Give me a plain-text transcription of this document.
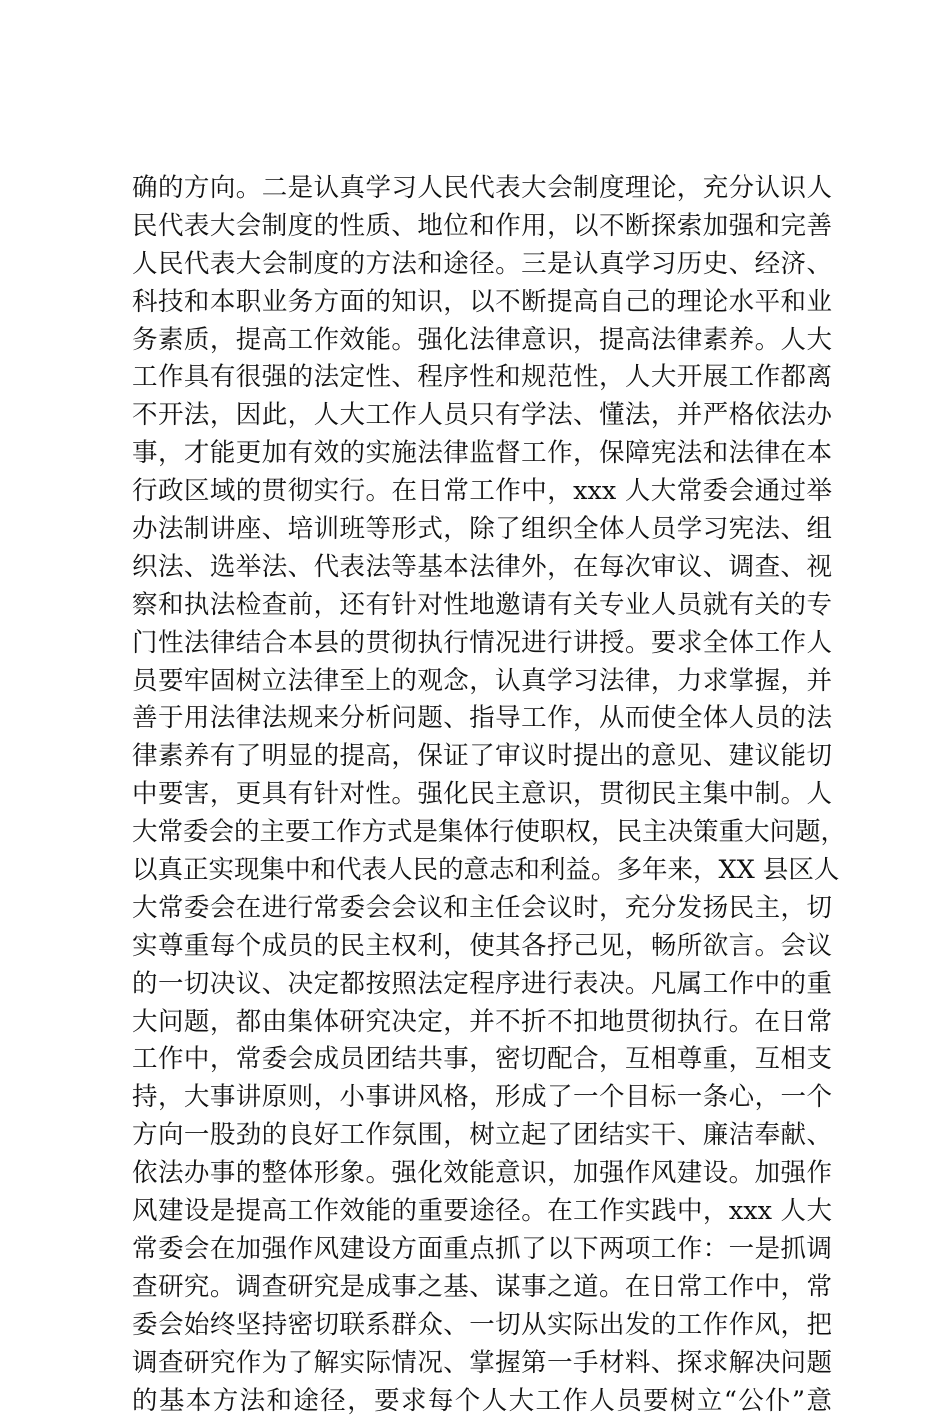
确的方向。二是认真学习人民代表大会制度理论，充分认识人
民代表大会制度的性质、地位和作用，以不断探索加强和完善
人民代表大会制度的方法和途径。三是认真学习历史、经济、
科技和本职业务方面的知识，以不断提高自己的理论水平和业
务素质，提高工作效能。强化法律意识，提高法律素养。人大
工作具有很强的法定性、程序性和规范性，人大开展工作都离
不开法，因此，人大工作人员只有学法、懂法，并严格依法办
事，才能更加有效的实施法律监督工作，保障宪法和法律在本
行政区域的贯彻实行。在日常工作中，xxx 人大常委会通过举
办法制讲座、培训班等形式，除了组织全体人员学习宪法、组
织法、选举法、代表法等基本法律外，在每次审议、调查、视
察和执法检查前，还有针对性地邀请有关专业人员就有关的专
门性法律结合本县的贯彻执行情况进行讲授。要求全体工作人
员要牢固树立法律至上的观念，认真学习法律，力求掌握，并
善于用法律法规来分析问题、指导工作，从而使全体人员的法
律素养有了明显的提高，保证了审议时提出的意见、建议能切
中要害，更具有针对性。强化民主意识，贯彻民主集中制。人
大常委会的主要工作方式是集体行使职权，民主决策重大问题，
以真正实现集中和代表人民的意志和利益。多年来，XX 县区人
大常委会在进行常委会会议和主任会议时，充分发扬民主，切
实尊重每个成员的民主权利，使其各抒己见，畅所欲言。会议
的一切决议、决定都按照法定程序进行表决。凡属工作中的重
大问题，都由集体研究决定，并不折不扣地贯彻执行。在日常
工作中，常委会成员团结共事，密切配合，互相尊重，互相支
持，大事讲原则，小事讲风格，形成了一个目标一条心，一个
方向一股劲的良好工作氛围，树立起了团结实干、廉洁奉献、
依法办事的整体形象。强化效能意识，加强作风建设。加强作
风建设是提高工作效能的重要途径。在工作实践中，xxx 人大
常委会在加强作风建设方面重点抓了以下两项工作：一是抓调
查研究。调查研究是成事之基、谋事之道。在日常工作中，常
委会始终坚持密切联系群众、一切从实际出发的工作作风，把
调查研究作为了解实际情况、掌握第一手材料、探求解决问题
的基本方法和途径，要求每个人大工作人员要树立“公仆”意
